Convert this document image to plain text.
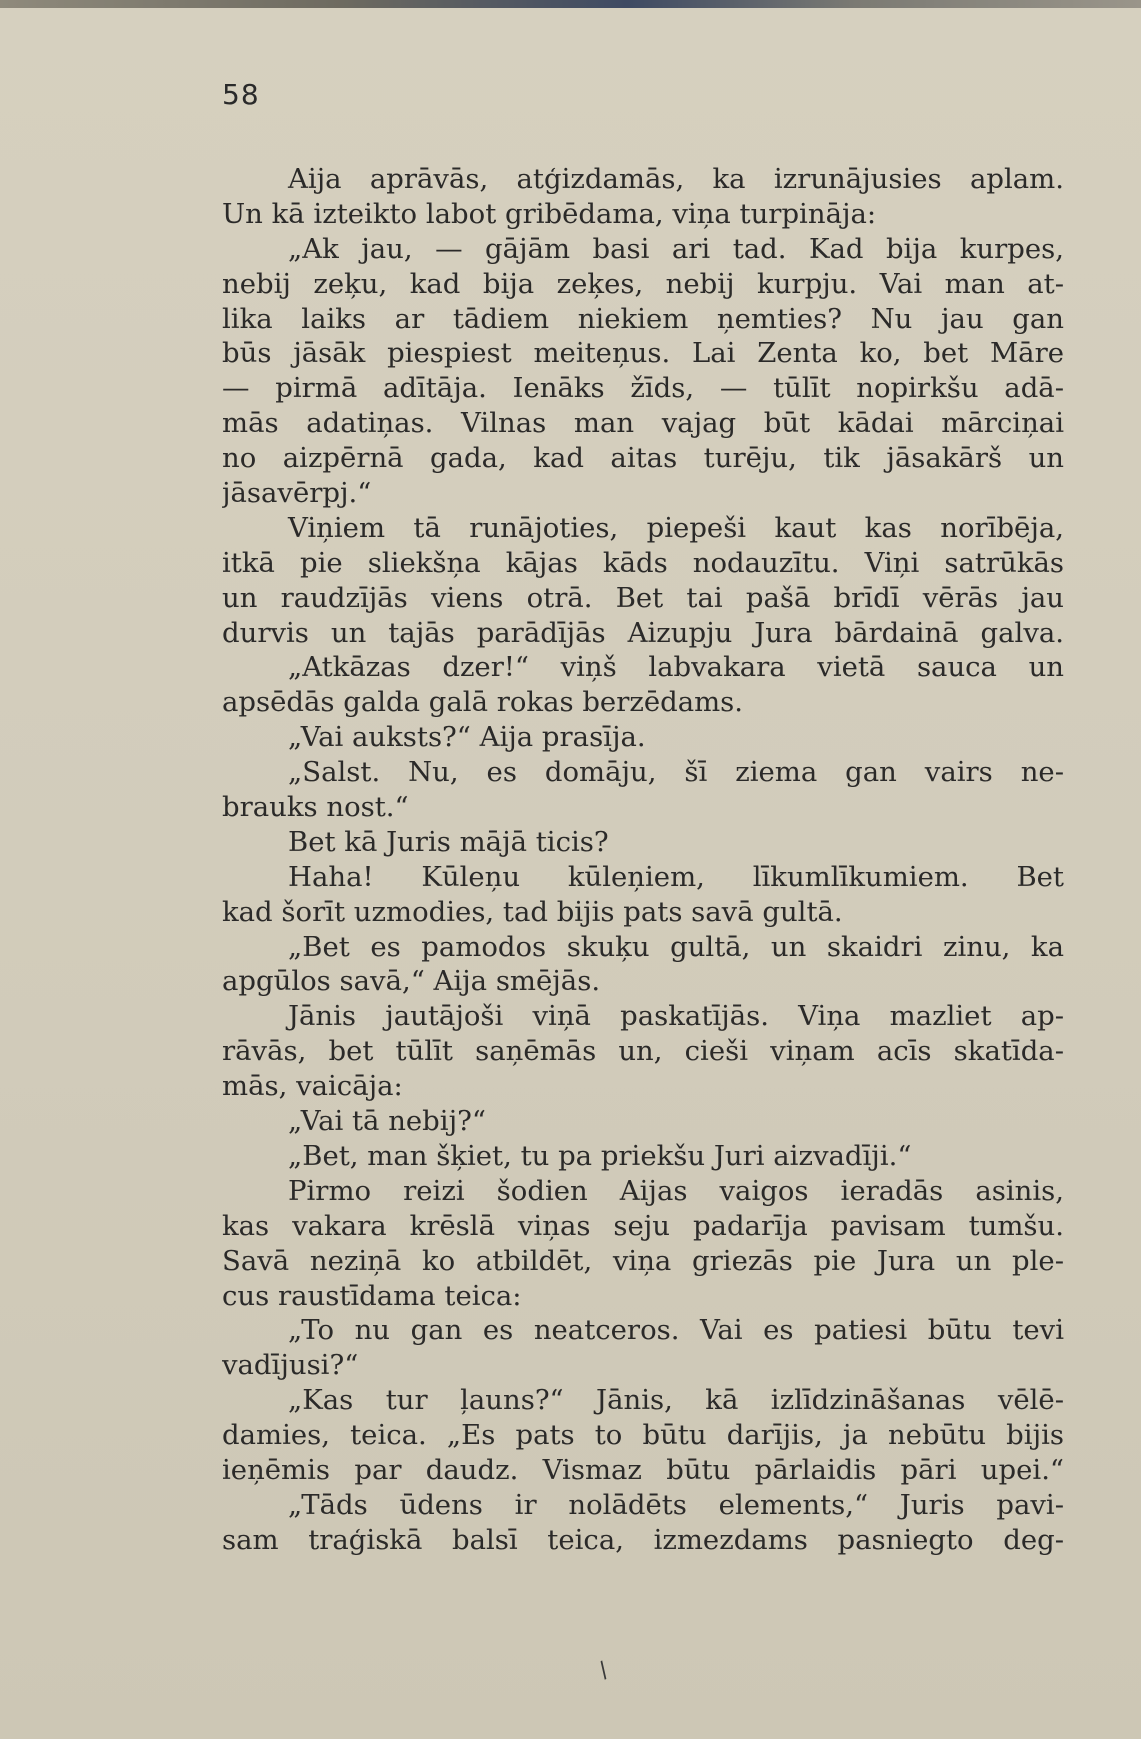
58
Aija aprāvās, atģizdamās, ka izrunājusies aplam.
Un kā izteikto labot gribēdama, viņa turpināja:
„Ak jau, — gājām basi ari tad. Kad bija kurpes,
nebij zeķu, kad bija zeķes, nebij kurpju. Vai man at-
lika laiks ar tādiem niekiem ņemties? Nu jau gan
būs jāsāk piespiest meiteņus. Lai Zenta ko, bet Māre
— pirmā adītāja. Ienāks žīds, — tūlīt nopirkšu adā-
mās adatiņas. Vilnas man vajag būt kādai mārciņai
no aizpērnā gada, kad aitas turēju, tik jāsakārš un
jāsavērpj.“
Viņiem tā runājoties, piepeši kaut kas norībēja,
itkā pie sliekšņa kājas kāds nodauzītu. Viņi satrūkās
un raudzījās viens otrā. Bet tai pašā brīdī vērās jau
durvis un tajās parādījās Aizupju Jura bārdainā galva.
„Atkāzas dzer!“ viņš labvakara vietā sauca un
apsēdās galda galā rokas berzēdams.
„Vai auksts?“ Aija prasīja.
„Salst. Nu, es domāju, šī ziema gan vairs ne-
brauks nost.“
Bet kā Juris mājā ticis?
Haha! Kūleņu kūleņiem, līkumlīkumiem. Bet
kad šorīt uzmodies, tad bijis pats savā gultā.
„Bet es pamodos skuķu gultā, un skaidri zinu, ka
apgūlos savā,“ Aija smējās.
Jānis jautājoši viņā paskatījās. Viņa mazliet ap-
rāvās, bet tūlīt saņēmās un, cieši viņam acīs skatīda-
mās, vaicāja:
„Vai tā nebij?“
„Bet, man šķiet, tu pa priekšu Juri aizvadīji.“
Pirmo reizi šodien Aijas vaigos ieradās asinis,
kas vakara krēslā viņas seju padarīja pavisam tumšu.
Savā neziņā ko atbildēt, viņa griezās pie Jura un ple-
cus raustīdama teica:
„To nu gan es neatceros. Vai es patiesi būtu tevi
vadījusi?“
„Kas tur ļauns?“ Jānis, kā izlīdzināšanas vēlē-
damies, teica. „Es pats to būtu darījis, ja nebūtu bijis
ieņēmis par daudz. Vismaz būtu pārlaidis pāri upei.“
„Tāds ūdens ir nolādēts elements,“ Juris pavi-
sam traģiskā balsī teica, izmezdams pasniegto deg-
/
